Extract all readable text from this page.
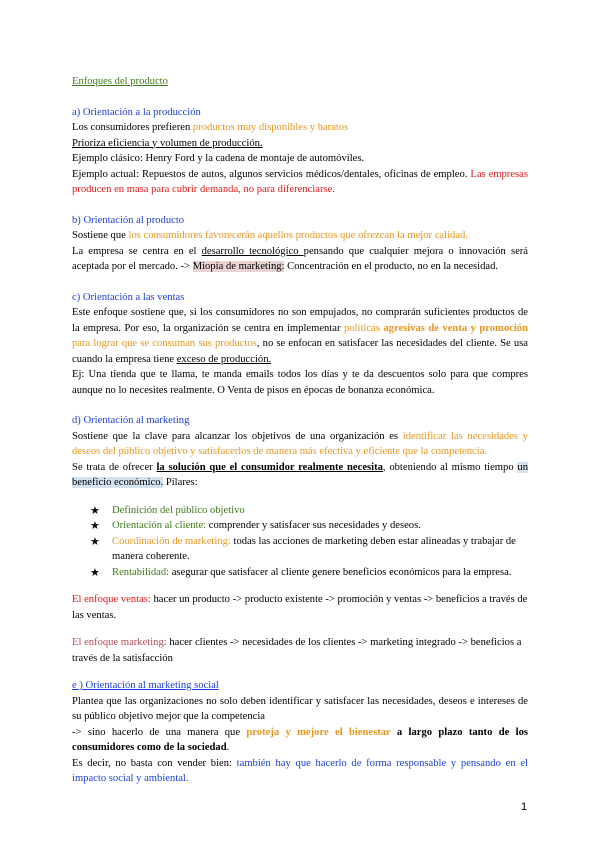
Enfoques del producto

a) Orientación a la producción

Los consumidores prefieren productos muy disponibles y baratos

Prioriza eficiencia y volumen de producción.

Ejemplo clásico: Henry Ford y la cadena de montaje de automóviles.

Ejemplo actual: Repuestos de autos, algunos servicios médicos/dentales, oficinas de empleo. Las empresas producen en masa para cubrir demanda, no para diferenciarse.

b) Orientación al producto

Sostiene que los consumidores favorecerán aquellos productos que ofrezcan la mejor calidad.

La empresa se centra en el desarrollo tecnológico pensando que cualquier mejora o innovación será aceptada por el mercado. -> Miopía de marketing: Concentración en el producto, no en la necesidad.

c) Orientación a las ventas

Este enfoque sostiene que, si los consumidores no son empujados, no comprarán suficientes productos de la empresa. Por eso, la organización se centra en implementar políticas agresivas de venta y promoción para lograr que se consuman sus productos, no se enfocan en satisfacer las necesidades del cliente. Se usa cuando la empresa tiene exceso de producción.

Ej: Una tienda que te llama, te manda emails todos los días y te da descuentos solo para que compres aunque no lo necesites realmente. O Venta de pisos en épocas de bonanza económica.

d) Orientación al marketing

Sostiene que la clave para alcanzar los objetivos de una organización es identificar las necesidades y deseos del público objetivo y satisfacerlos de manera más efectiva y eficiente que la competencia.

Se trata de ofrecer la solución que el consumidor realmente necesita, obteniendo al mismo tiempo un beneficio económico. Pilares:

★	Definición del público objetivo
★	Orientación al cliente: comprender y satisfacer sus necesidades y deseos.
★	Coordinación de marketing: todas las acciones de marketing deben estar alineadas y trabajar de manera coherente.
★	Rentabilidad: asegurar que satisfacer al cliente genere beneficios económicos para la empresa.

El enfoque ventas: hacer un producto -> producto existente -> promoción y ventas -> beneficios a través de las ventas.

El enfoque marketing: hacer clientes -> necesidades de los clientes -> marketing integrado -> beneficios a través de la satisfacción

e ) Orientación al marketing social

Plantea que las organizaciones no solo deben identificar y satisfacer las necesidades, deseos e intereses de su público objetivo mejor que la competencia

-> sino hacerlo de una manera que proteja y mejore el bienestar a largo plazo tanto de los consumidores como de la sociedad.

Es decir, no basta con vender bien: también hay que hacerlo de forma responsable y pensando en el impacto social y ambiental.

1
